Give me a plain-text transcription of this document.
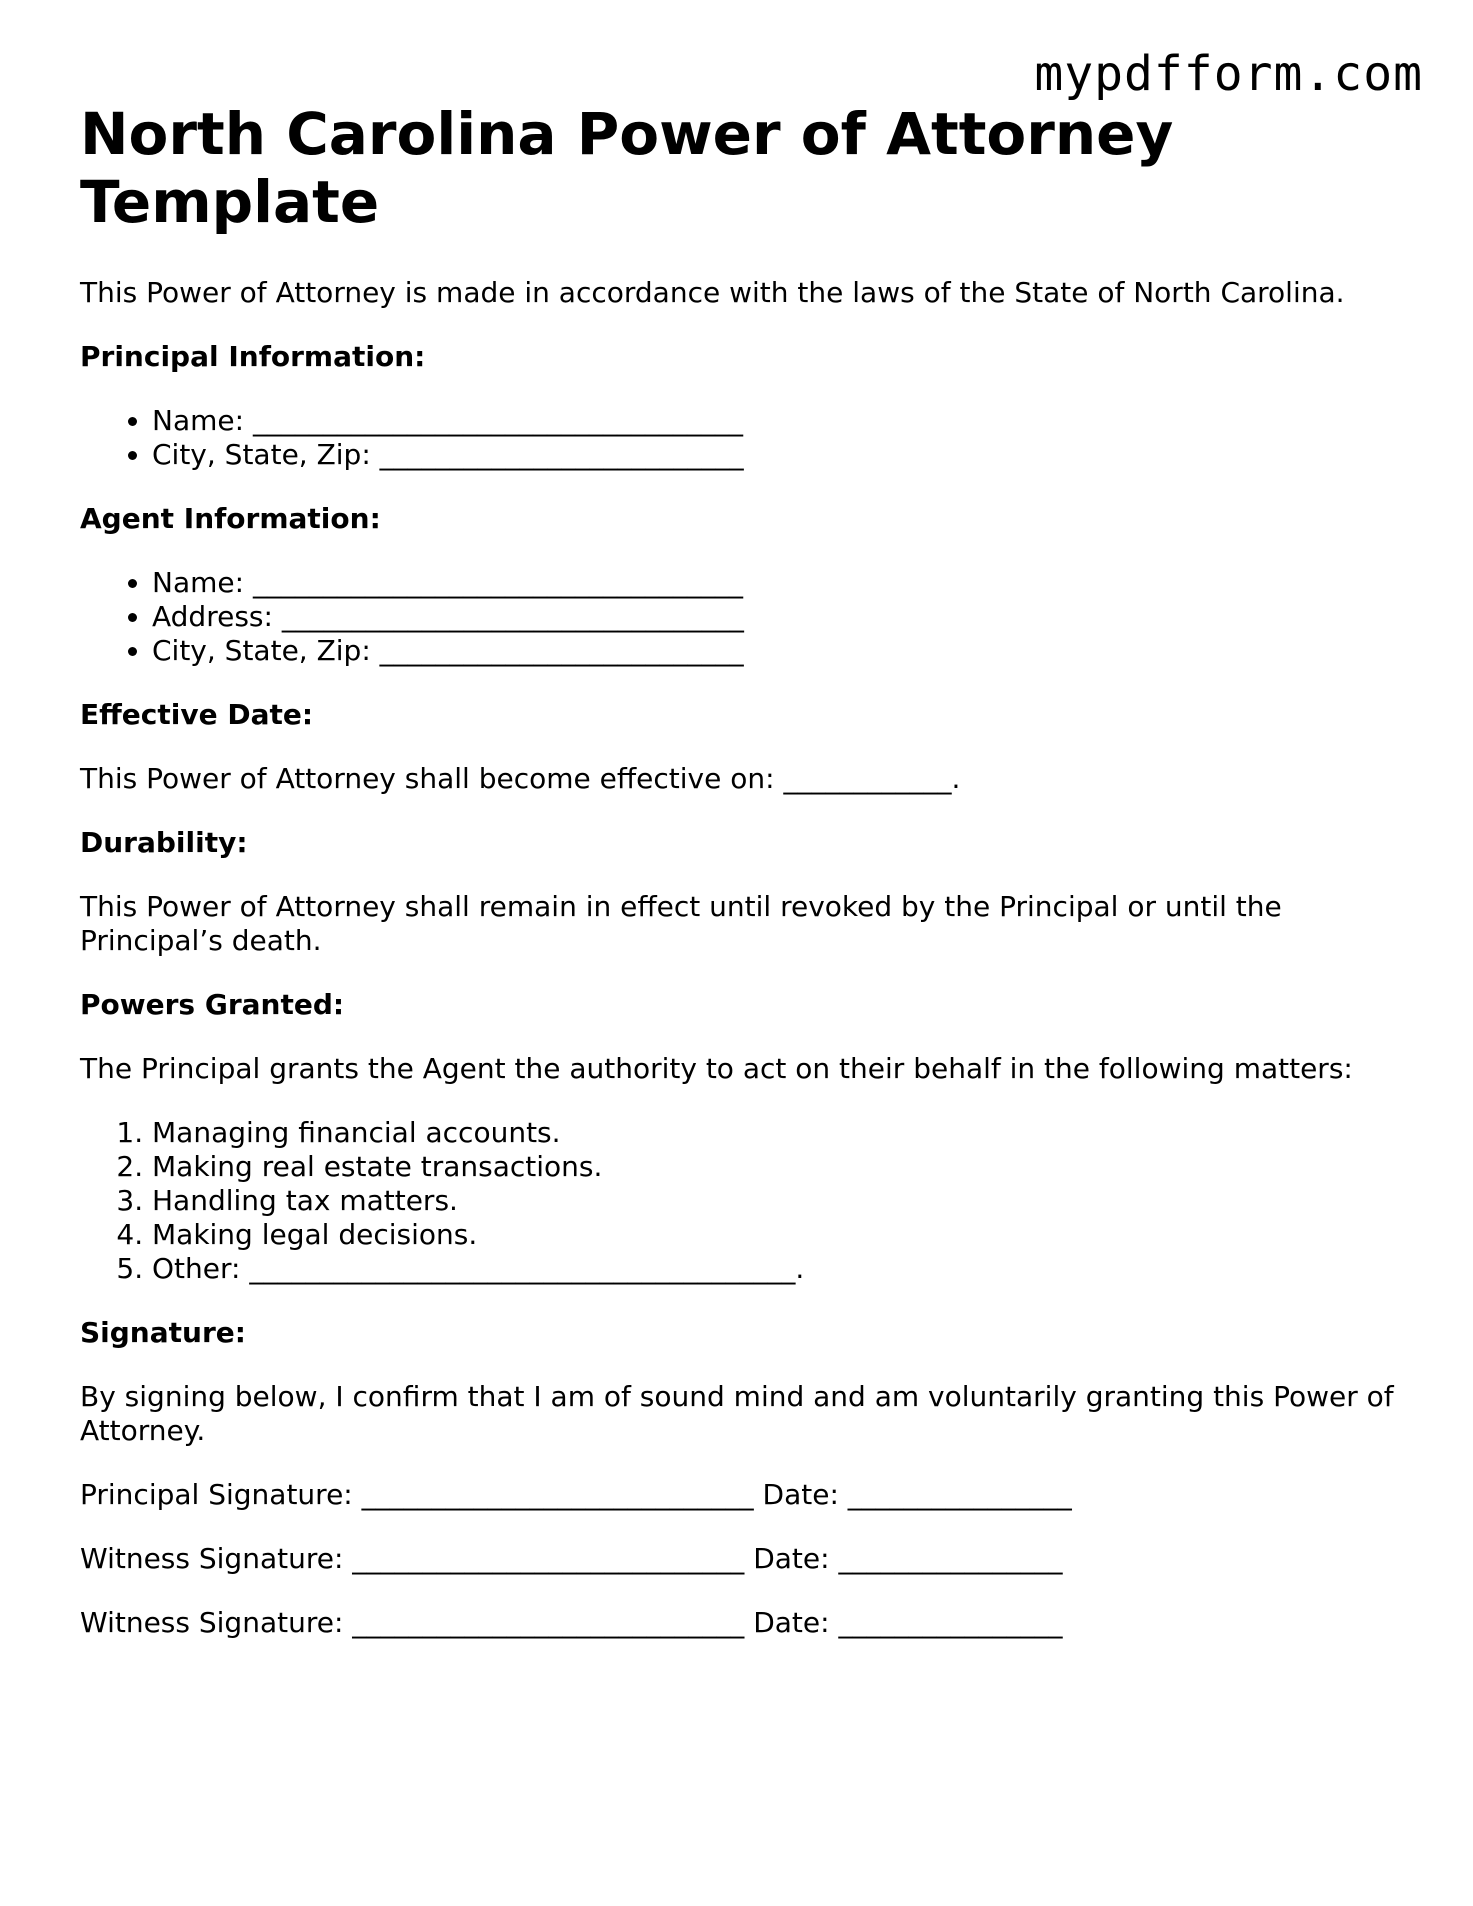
mypdfform.com
North Carolina Power of Attorney Template

This Power of Attorney is made in accordance with the laws of the State of North Carolina.

Principal Information:
• Name: ___________________________________
• City, State, Zip: __________________________
Agent Information:
• Name: ___________________________________
• Address: _________________________________
• City, State, Zip: __________________________
Effective Date:

This Power of Attorney shall become effective on: ____________.

Durability:

This Power of Attorney shall remain in effect until revoked by the Principal or until the Principal’s death.

Powers Granted:

The Principal grants the Agent the authority to act on their behalf in the following matters:

1. Managing financial accounts.
2. Making real estate transactions.
3. Handling tax matters.
4. Making legal decisions.
5. Other: _______________________________________.
Signature:

By signing below, I confirm that I am of sound mind and am voluntarily granting this Power of Attorney.

Principal Signature: ____________________________ Date: ________________

Witness Signature: ____________________________ Date: ________________

Witness Signature: ____________________________ Date: ________________
